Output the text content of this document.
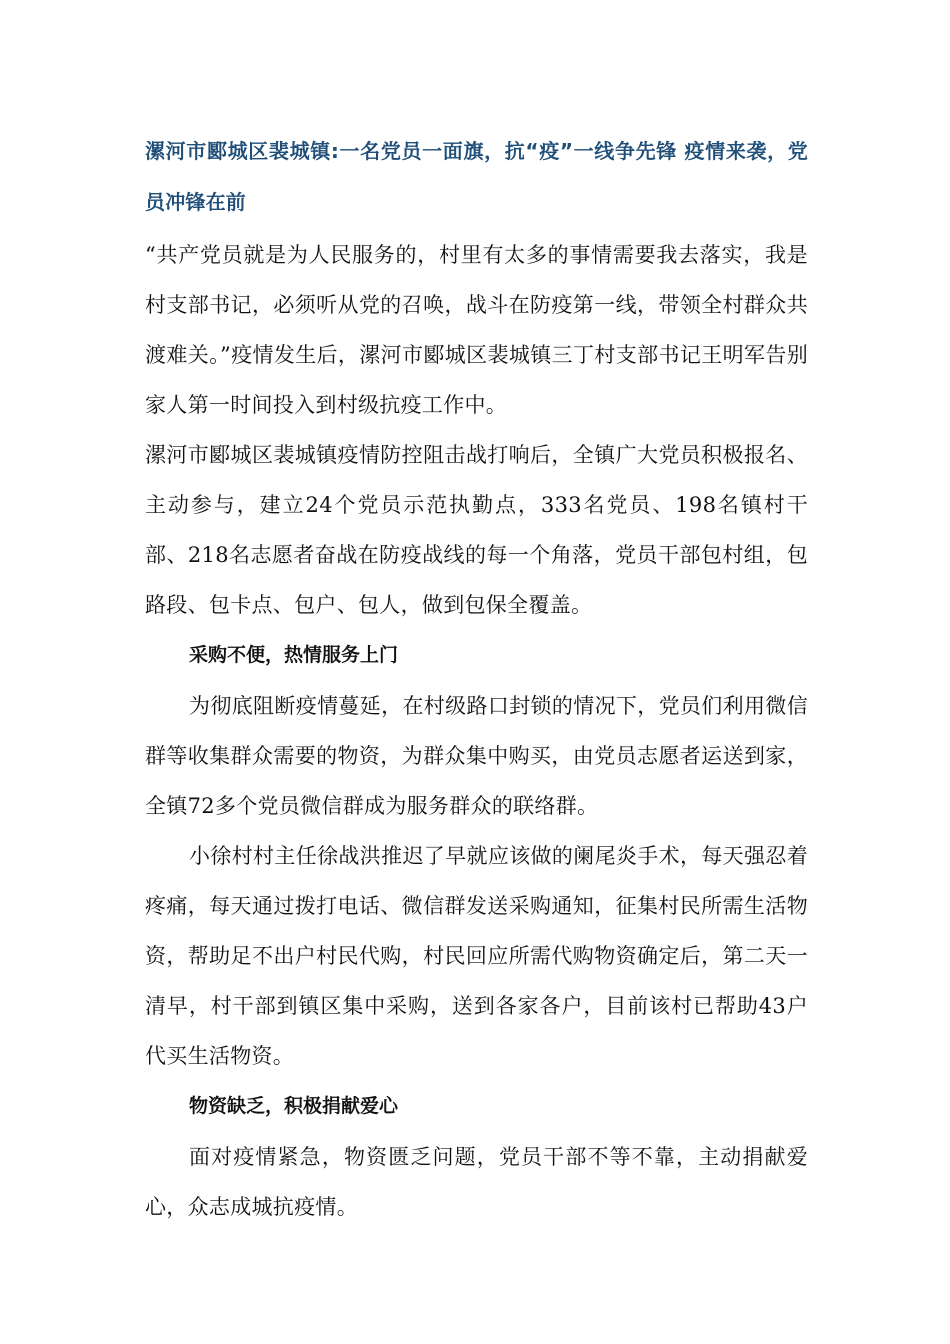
漯河市郾城区裴城镇:一名党员一面旗，抗“疫”一线争先锋 疫情来袭，党员冲锋在前

“共产党员就是为人民服务的，村里有太多的事情需要我去落实，我是村支部书记，必须听从党的召唤，战斗在防疫第一线，带领全村群众共渡难关。”疫情发生后，漯河市郾城区裴城镇三丁村支部书记王明军告别家人第一时间投入到村级抗疫工作中。

漯河市郾城区裴城镇疫情防控阻击战打响后，全镇广大党员积极报名、主动参与，建立24个党员示范执勤点，333名党员、198名镇村干部、218名志愿者奋战在防疫战线的每一个角落，党员干部包村组，包路段、包卡点、包户、包人，做到包保全覆盖。

采购不便，热情服务上门

为彻底阻断疫情蔓延，在村级路口封锁的情况下，党员们利用微信群等收集群众需要的物资，为群众集中购买，由党员志愿者运送到家，全镇72多个党员微信群成为服务群众的联络群。

小徐村村主任徐战洪推迟了早就应该做的阑尾炎手术，每天强忍着疼痛，每天通过拨打电话、微信群发送采购通知，征集村民所需生活物资，帮助足不出户村民代购，村民回应所需代购物资确定后，第二天一清早，村干部到镇区集中采购，送到各家各户，目前该村已帮助43户代买生活物资。

物资缺乏，积极捐献爱心

面对疫情紧急，物资匮乏问题，党员干部不等不靠，主动捐献爱 心，众志成城抗疫情。
